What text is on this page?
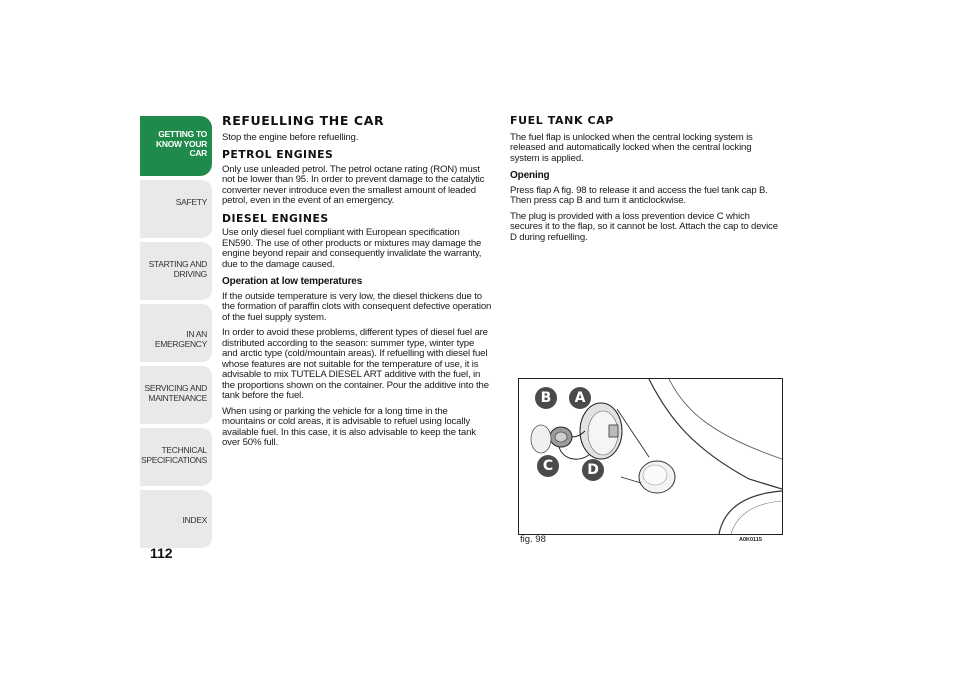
GETTING TO
KNOW YOUR CAR
SAFETY
STARTING AND
DRIVING
IN AN EMERGENCY
SERVICING AND
MAINTENANCE
TECHNICAL
SPECIFICATIONS
INDEX
112
REFUELLING THE CAR

Stop the engine before refuelling.

PETROL ENGINES

Only use unleaded petrol. The petrol octane rating (RON) must not be lower than 95. In order to prevent damage to the catalytic converter never introduce even the smallest amount of leaded petrol, even in the event of an emergency.

DIESEL ENGINES

Use only diesel fuel compliant with European specification EN590. The use of other products or mixtures may damage the engine beyond repair and consequently invalidate the warranty, due to the damage caused.

Operation at low temperatures

If the outside temperature is very low, the diesel thickens due to the formation of paraffin clots with consequent defective operation of the fuel supply system.

In order to avoid these problems, different types of diesel fuel are distributed according to the season: summer type, winter type and arctic type (cold/mountain areas). If refuelling with diesel fuel whose features are not suitable for the temperature of use, it is advisable to mix TUTELA DIESEL ART additive with the fuel, in the proportions shown on the container. Pour the additive into the tank before the fuel.

When using or parking the vehicle for a long time in the mountains or cold areas, it is advisable to refuel using locally available fuel. In this case, it is also advisable to keep the tank over 50% full.

FUEL TANK CAP

The fuel flap is unlocked when the central locking system is released and automatically locked when the central locking system is applied.

Opening

Press flap A fig. 98 to release it and access the fuel tank cap B. Then press cap B and turn it anticlockwise.

The plug is provided with a loss prevention device C which secures it to the flap, so it cannot be lost. Attach the cap to device D during refuelling.

B	A
C	D
fig. 98	A0K0115
